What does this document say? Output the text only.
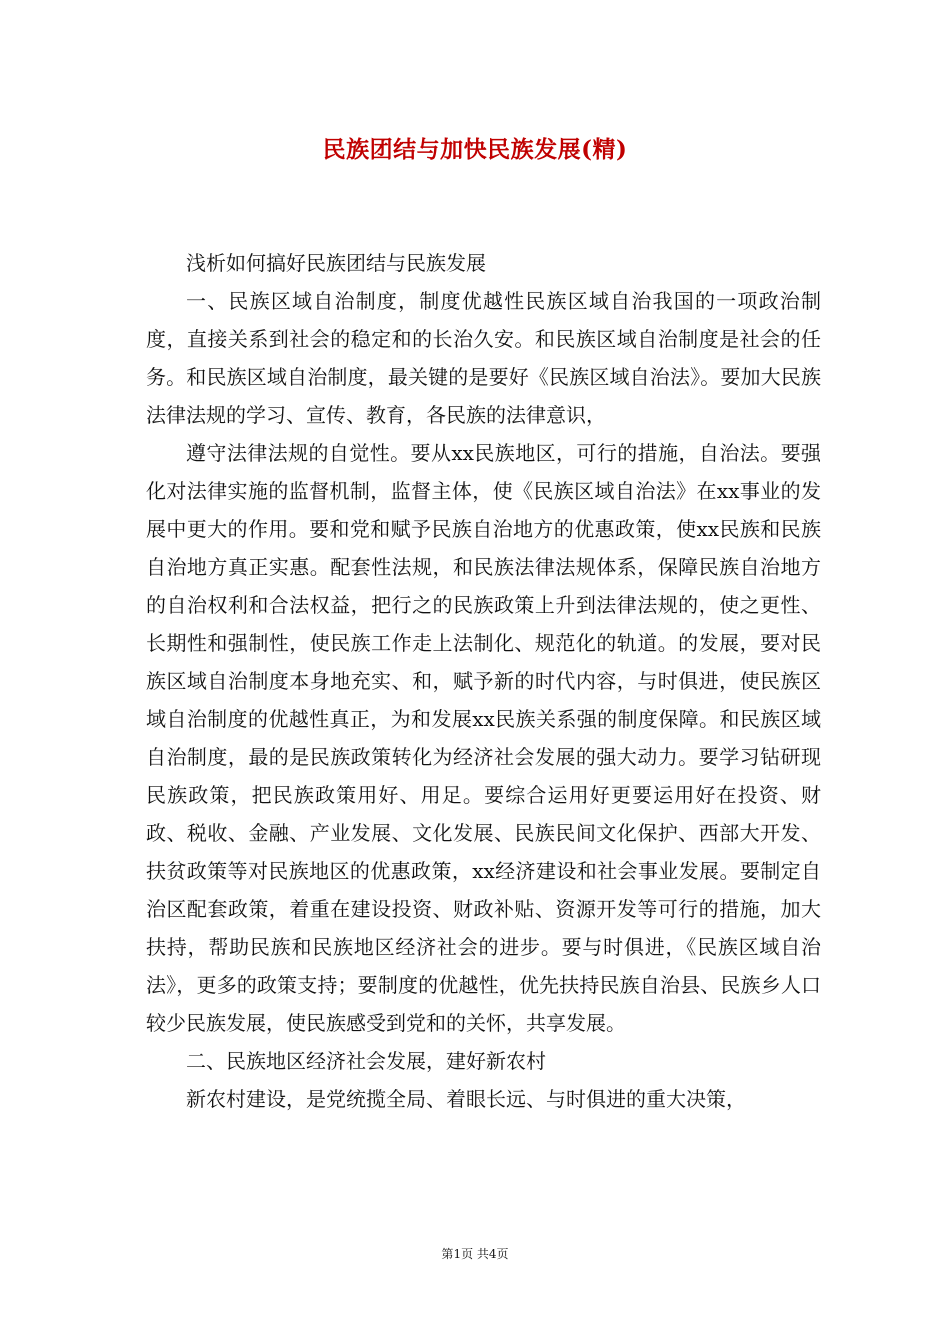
民族团结与加快民族发展(精)

浅析如何搞好民族团结与民族发展

一、民族区域自治制度，制度优越性民族区域自治我国的一项政治制度，直接关系到社会的稳定和的长治久安。和民族区域自治制度是社会的任务。和民族区域自治制度，最关键的是要好《民族区域自治法》。要加大民族法律法规的学习、宣传、教育，各民族的法律意识，

遵守法律法规的自觉性。要从xx民族地区，可行的措施，自治法。要强化对法律实施的监督机制，监督主体，使《民族区域自治法》在xx事业的发展中更大的作用。要和党和赋予民族自治地方的优惠政策，使xx民族和民族自治地方真正实惠。配套性法规，和民族法律法规体系，保障民族自治地方的自治权利和合法权益，把行之的民族政策上升到法律法规的，使之更性、长期性和强制性，使民族工作走上法制化、规范化的轨道。的发展，要对民族区域自治制度本身地充实、和，赋予新的时代内容，与时俱进，使民族区域自治制度的优越性真正，为和发展xx民族关系强的制度保障。和民族区域自治制度，最的是民族政策转化为经济社会发展的强大动力。要学习钻研现民族政策，把民族政策用好、用足。要综合运用好更要运用好在投资、财政、税收、金融、产业发展、文化发展、民族民间文化保护、西部大开发、扶贫政策等对民族地区的优惠政策，xx经济建设和社会事业发展。要制定自治区配套政策，着重在建设投资、财政补贴、资源开发等可行的措施，加大扶持，帮助民族和民族地区经济社会的进步。要与时俱进，《民族区域自治法》，更多的政策支持；要制度的优越性，优先扶持民族自治县、民族乡人口较少民族发展，使民族感受到党和的关怀，共享发展。

二、民族地区经济社会发展，建好新农村

新农村建设，是党统揽全局、着眼长远、与时俱进的重大决策，

第1页 共4页
